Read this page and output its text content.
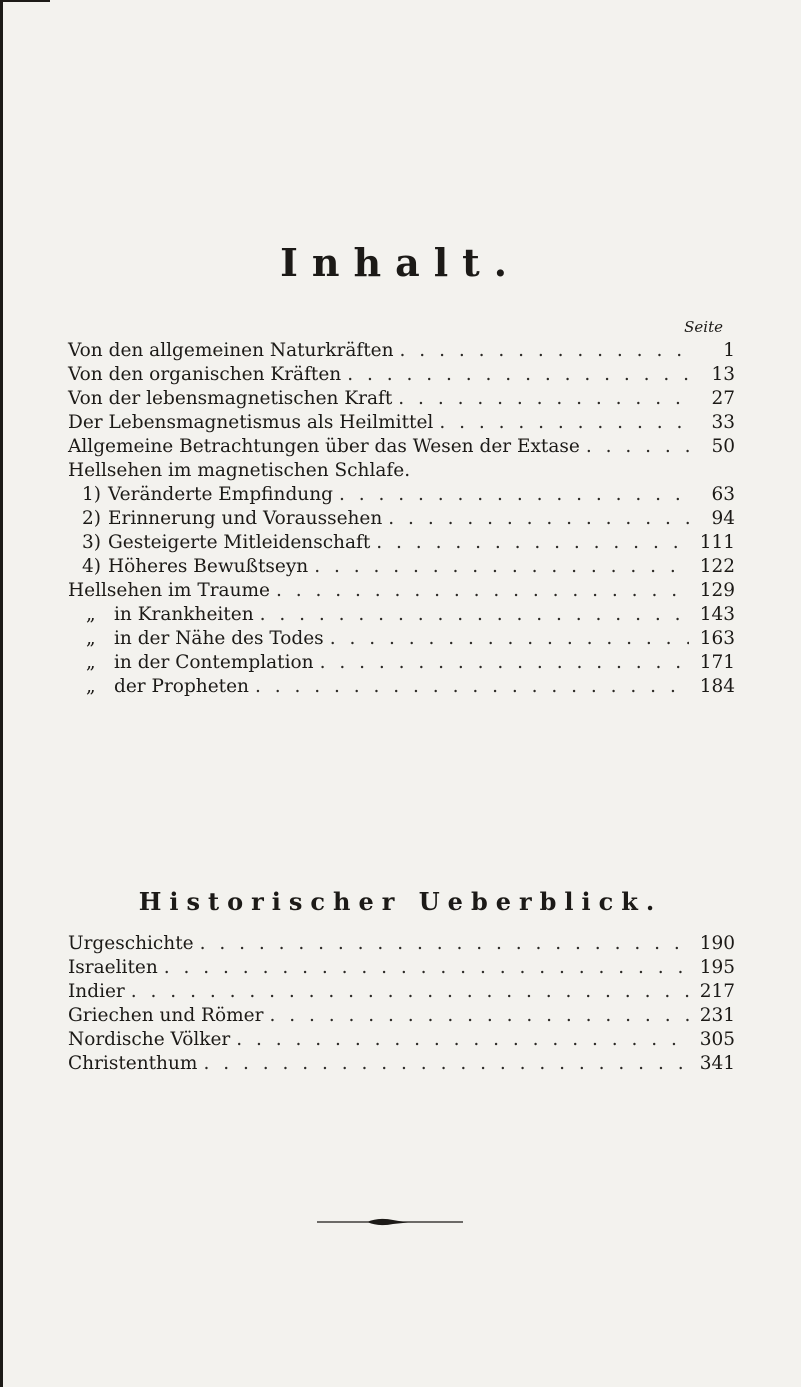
Inhalt.
Seite
Von den allgemeinen Naturkräften . . .	1
Von den organischen Kräften . . .	13
Von der lebensmagnetischen Kraft . . .	27
Der Lebensmagnetismus als Heilmittel . . .	33
Allgemeine Betrachtungen über das Wesen der Extase . . .	50
Hellsehen im magnetischen Schlafe.
1) Veränderte Empfindung . . .	63
2) Erinnerung und Voraussehen . . .	94
3) Gesteigerte Mitleidenschaft . . .	111
4) Höheres Bewußtseyn . . .	122
Hellsehen im Traume . . .	129
„ in Krankheiten . . .	143
„ in der Nähe des Todes . . .	163
„ in der Contemplation . . .	171
„ der Propheten . . .	184
Historischer Ueberblick.
Urgeschichte . . .	190
Israeliten . . .	195
Indier . . .	217
Griechen und Römer . . .	231
Nordische Völker . . .	305
Christenthum . . .	341
